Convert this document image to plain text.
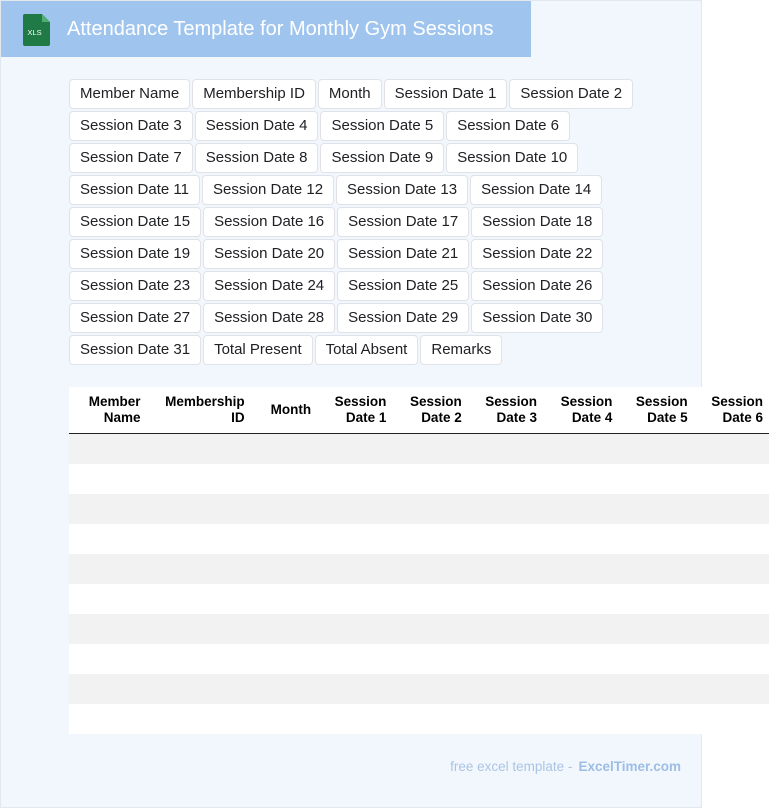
XLS Attendance Template for Monthly Gym Sessions
Member Name	Membership ID	Month	Session Date 1	Session Date 2
Session Date 3	Session Date 4	Session Date 5	Session Date 6
Session Date 7	Session Date 8	Session Date 9	Session Date 10
Session Date 11	Session Date 12	Session Date 13	Session Date 14
Session Date 15	Session Date 16	Session Date 17	Session Date 18
Session Date 19	Session Date 20	Session Date 21	Session Date 22
Session Date 23	Session Date 24	Session Date 25	Session Date 26
Session Date 27	Session Date 28	Session Date 29	Session Date 30
Session Date 31	Total Present	Total Absent	Remarks
Member Name	Membership ID	Month	Session Date 1	Session Date 2	Session Date 3	Session Date 4	Session Date 5	Session Date 6

free excel template - ExcelTimer.com
